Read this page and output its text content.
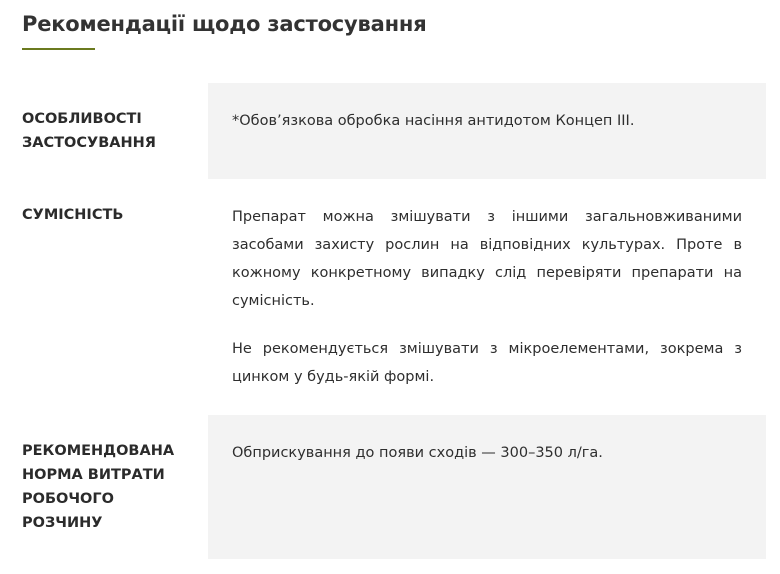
Рекомендації щодо застосування
ОСОБЛИВОСТІ ЗАСТОСУВАННЯ

*Обов’язкова обробка насіння антидотом Концеп ІІІ.

СУМІСНІСТЬ	Препарат можна змішувати з іншими загальновживаними засобами захисту рослин на відповідних культурах. Проте в кожному конкретному випадку слід перевіряти препарати на сумісність.

Не рекомендується змішувати з мікроелементами, зокрема з цинком у будь-якій формі.

РЕКОМЕНДОВАНА НОРМА ВИТРАТИ РОБОЧОГО РОЗЧИНУ

Обприскування до появи сходів — 300–350 л/га.
